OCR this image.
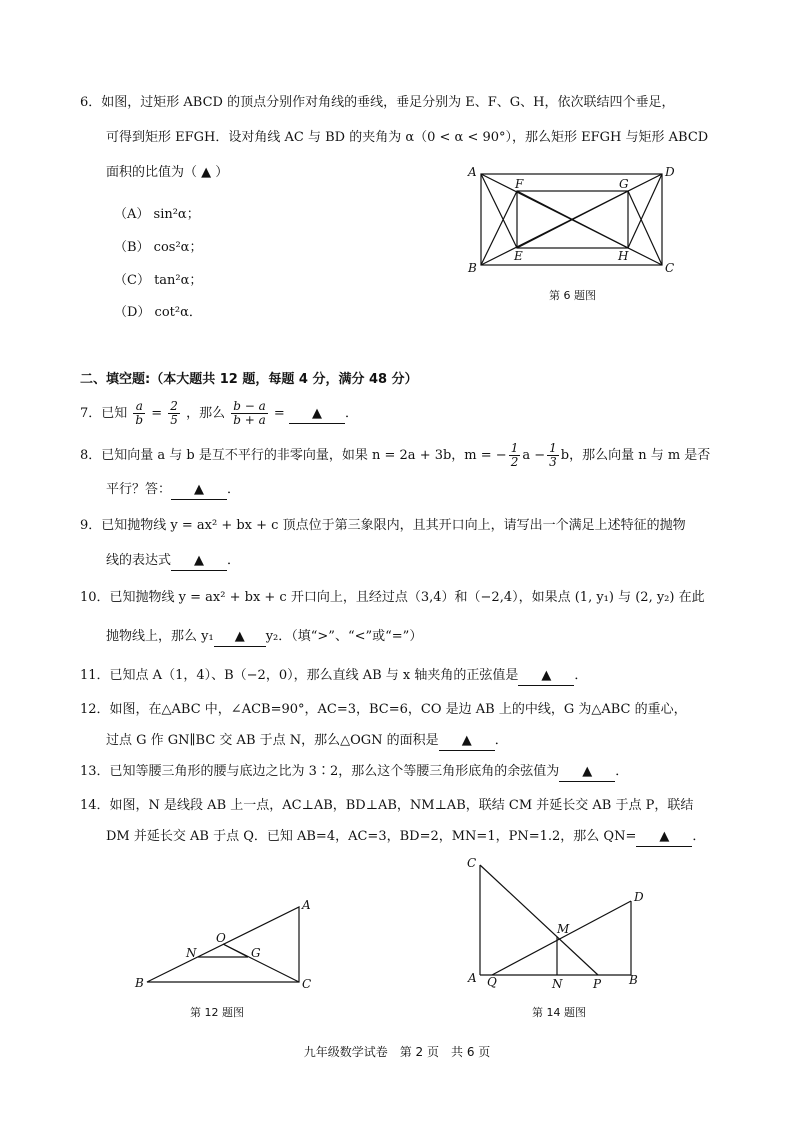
6．如图，过矩形 ABCD 的顶点分别作对角线的垂线，垂足分别为 E、F、G、H，依次联结四个垂足，
可得到矩形 EFGH．设对角线 AC 与 BD 的夹角为 α（0 < α < 90°），那么矩形 EFGH 与矩形 ABCD
面积的比值为（ ▲ ）
（A） sin²α；
（B） cos²α；
（C） tan²α；
（D） cot²α．
A	D
B	C
F	G
E	H
第 6 题图
二、填空题:（本大题共 12 题，每题 4 分，满分 48 分）
7．已知 $\frac{a}{b} = \frac{2}{5}$ ，那么 $\frac{b - a}{b + a}$ = ▲ ．
8．已知向量 a 与 b 是互不平行的非零向量，如果 n = 2a + 3b，m = − $\frac{1}{2}$ $a - \frac{1}{3}$ b，那么向量 n 与 m 是否
平行？答： ▲ ．
9．已知抛物线 y = ax² + bx + c 顶点位于第三象限内，且其开口向上，请写出一个满足上述特征的抛物
线的表达式 ▲ ．
10．已知抛物线 y = ax² + bx + c 开口向上，且经过点（3,4）和（−2,4），如果点 (1, y₁) 与 (2, y₂) 在此
抛物线上，那么 y₁ ▲ y₂．（填“>”、“<”或“=”）
11．已知点 A（1，4）、B（−2，0），那么直线 AB 与 x 轴夹角的正弦值是 ▲ ．
12．如图，在△ABC 中，∠ACB=90°，AC=3，BC=6，CO 是边 AB 上的中线，G 为△ABC 的重心，
过点 G 作 GN∥BC 交 AB 于点 N，那么△OGN 的面积是 ▲ ．
13．已知等腰三角形的腰与底边之比为 3∶2，那么这个等腰三角形底角的余弦值为 ▲ ．
14．如图，N 是线段 AB 上一点，AC⊥AB，BD⊥AB，NM⊥AB，联结 CM 并延长交 AB 于点 P，联结
DM 并延长交 AB 于点 Q．已知 AB=4，AC=3，BD=2，MN=1，PN=1.2，那么 QN= ▲ ．
B
A
C
O
N	G
第 12 题图
C
D
M
A Q	N	P B
第 14 题图
九年级数学试卷　第 2 页　共 6 页
